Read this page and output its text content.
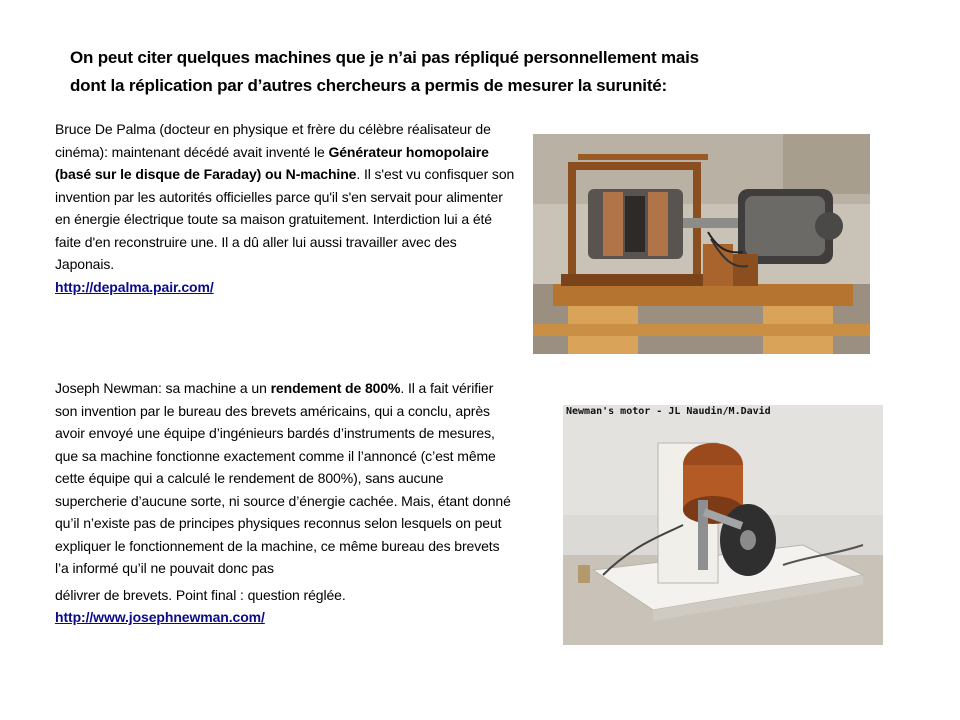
On peut citer quelques machines que je n’ai pas répliqué personnellement mais
dont la réplication par d’autres chercheurs a permis de mesurer la surunité:
Bruce De Palma (docteur en physique et frère du célèbre réalisateur de cinéma): maintenant décédé avait inventé le Générateur homopolaire (basé sur le disque de Faraday) ou N-machine. Il s'est vu confisquer son invention par les autorités officielles parce qu'il s'en servait pour alimenter en énergie électrique toute sa maison gratuitement. Interdiction lui a été faite d'en reconstruire une. Il a dû aller lui aussi travailler avec des Japonais.
http://depalma.pair.com/
Joseph Newman: sa machine a un rendement de 800%. Il a fait vérifier son invention par le bureau des brevets américains, qui a conclu, après avoir envoyé une équipe d’ingénieurs bardés d’instruments de mesures, que sa machine fonctionne exactement comme il l’annoncé (c’est même cette équipe qui a calculé le rendement de 800%), sans aucune supercherie d’aucune sorte, ni source d’énergie cachée. Mais, étant donné qu’il n’existe pas de principes physiques reconnus selon lesquels on peut expliquer le fonctionnement de la machine, ce même bureau des brevets l’a informé qu’il ne pouvait donc pas
délivrer de brevets. Point final : question réglée.
http://www.josephnewman.com/
Newman's motor - JL Naudin/M.David
